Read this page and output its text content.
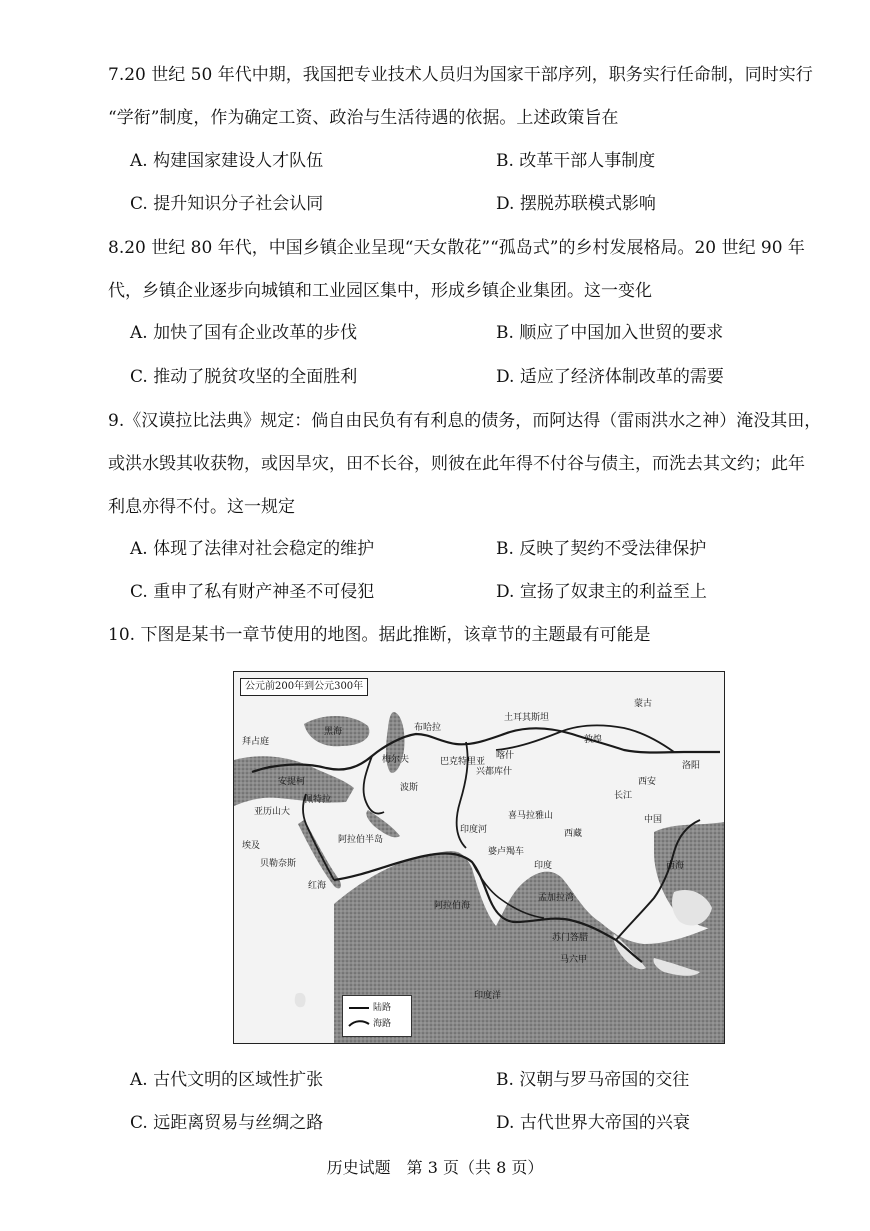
7.20 世纪 50 年代中期，我国把专业技术人员归为国家干部序列，职务实行任命制，同时实行
“学衔”制度，作为确定工资、政治与生活待遇的依据。上述政策旨在
A. 构建国家建设人才队伍	B. 改革干部人事制度
C. 提升知识分子社会认同	D. 摆脱苏联模式影响
8.20 世纪 80 年代，中国乡镇企业呈现“天女散花”“孤岛式”的乡村发展格局。20 世纪 90 年
代，乡镇企业逐步向城镇和工业园区集中，形成乡镇企业集团。这一变化
A. 加快了国有企业改革的步伐	B. 顺应了中国加入世贸的要求
C. 推动了脱贫攻坚的全面胜利	D. 适应了经济体制改革的需要
9.《汉谟拉比法典》规定：倘自由民负有有利息的债务，而阿达得（雷雨洪水之神）淹没其田，
或洪水毁其收获物，或因旱灾，田不长谷，则彼在此年得不付谷与债主，而洗去其文约；此年
利息亦得不付。这一规定
A. 体现了法律对社会稳定的维护	B. 反映了契约不受法律保护
C. 重申了私有财产神圣不可侵犯	D. 宣扬了奴隶主的利益至上
10. 下图是某书一章节使用的地图。据此推断，该章节的主题最有可能是
蒙古
土耳其斯坦
敦煌
喀什
布哈拉
洛阳
西安
中国
长江
波斯
拜占庭
黑海
安提柯
亚历山大
佩特拉
埃及
贝勒奈斯
红海
阿拉伯半岛
阿拉伯海
印度洋
印度
喜马拉雅山
西藏
印度河
梅尔夫	巴克特里亚
兴都库什
孟加拉湾
苏门答腊
马六甲
南海
婆卢羯车
公元前200年到公元300年
陆路
海路
A. 古代文明的区域性扩张	B. 汉朝与罗马帝国的交往
C. 远距离贸易与丝绸之路	D. 古代世界大帝国的兴衰
历史试题　第 3 页（共 8 页）
